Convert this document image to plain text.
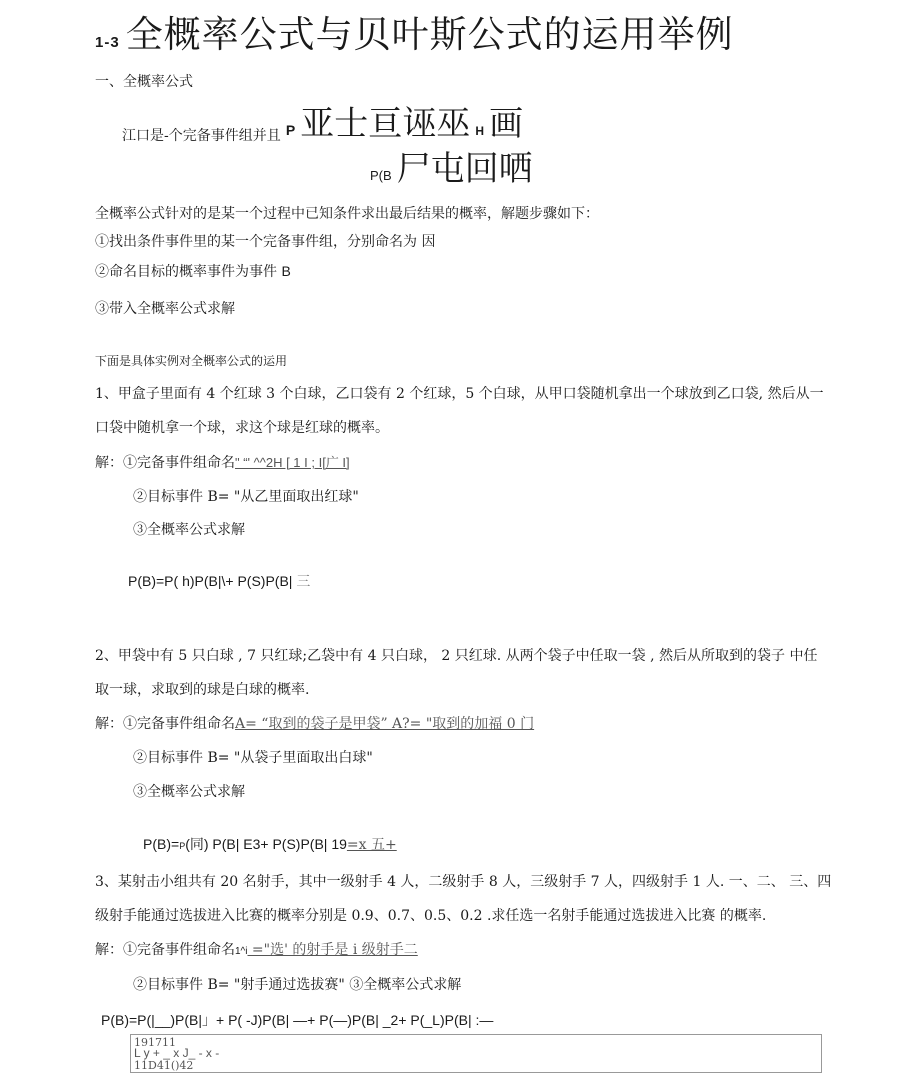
1-3 全概率公式与贝叶斯公式的运用举例
一、全概率公式
江口是-个完备事件组并且 P 亚士亘诬巫 H 画
P(B 尸屯回哂
全概率公式针对的是某一个过程中已知条件求出最后结果的概率，解题步骤如下：
①找出条件事件里的某一个完备事件组，分别命名为 因
②命名目标的概率事件为事件 B
③带入全概率公式求解
下面是具体实例对全概率公式的运用
1、甲盒子里面有 4 个红球 3 个白球，乙口袋有 2 个红球，5 个白球，从甲口袋随机拿出一个球放到乙口袋, 然后从一
口袋中随机拿一个球，求这个球是红球的概率。
解：①完备事件组命名" “' ^^2H [ 1 I ; I[广 I]
②目标事件 B= "从乙里面取出红球"
③全概率公式求解
P(B)=P( h)P(B|\+ P(S)P(B| 三
2、甲袋中有 5 只白球 , 7 只红球;乙袋中有 4 只白球， 2 只红球. 从两个袋子中任取一袋 , 然后从所取到的袋子 中任
取一球，求取到的球是白球的概率.
解：①完备事件组命名A= “取到的袋子是甲袋” A?= "取到的加福 0 门
②目标事件 B= "从袋子里面取出白球"
③全概率公式求解
P(B)=P(同) P(B| E3+ P(S)P(B| 19=x 五+
3、某射击小组共有 20 名射手，其中一级射手 4 人，二级射手 8 人，三级射手 7 人，四级射手 1 人. 一、二、 三、四
级射手能通过选拔进入比赛的概率分别是 0.9、0.7、0.5、0.2 .求任选一名射手能通过选拔进入比赛 的概率.
解：①完备事件组命名1^i ="选' 的射手是 i 级射手二
②目标事件 B= "射手通过选拔赛" ③全概率公式求解
P(B)=P(|__)P(B|」+ P( -J)P(B| —+ P(—)P(B| _2+ P(_L)P(B| :—
191711
L y + _ x J_ - x -
11D41()42
